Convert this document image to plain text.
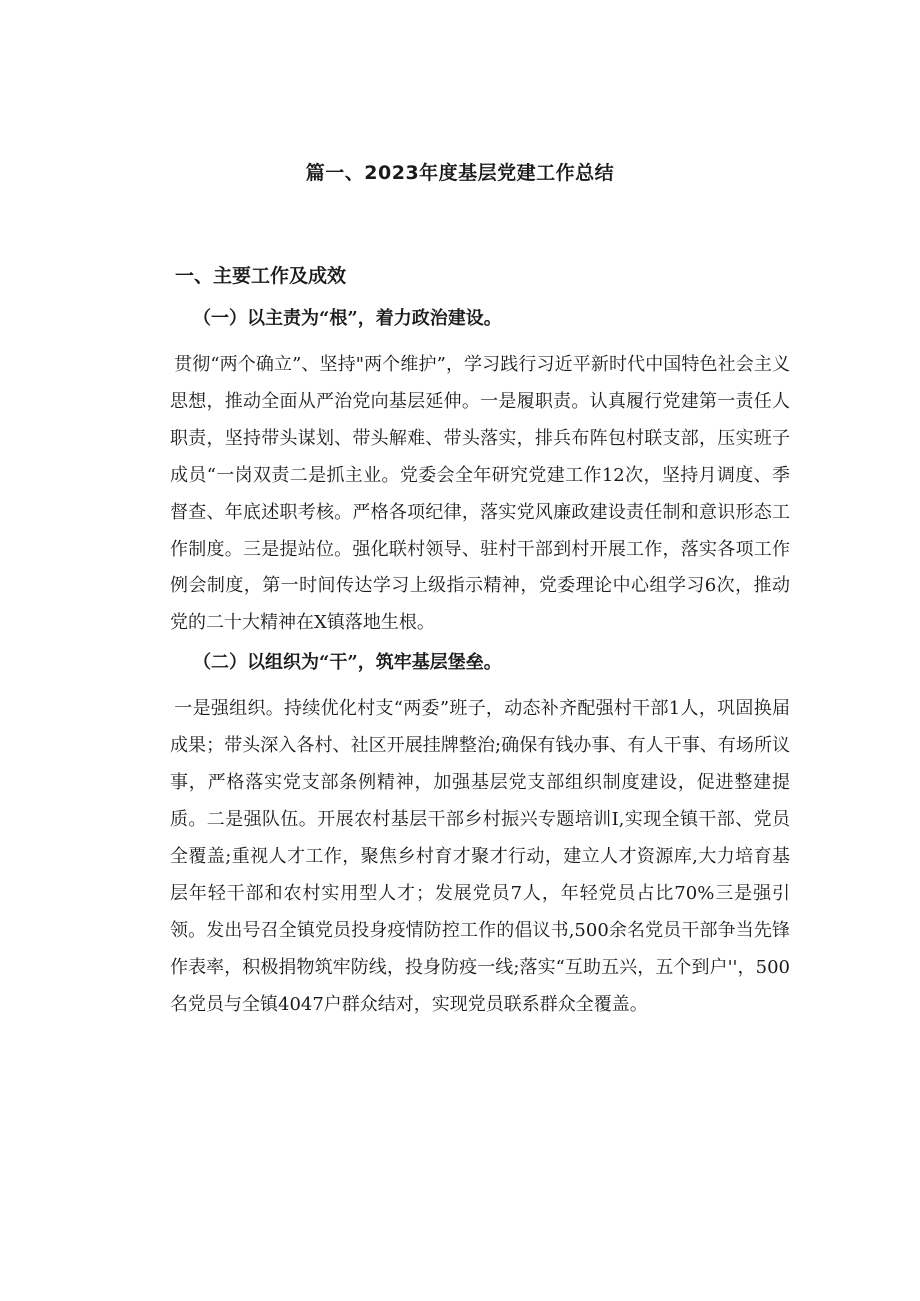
篇一、2023年度基层党建工作总结
一、主要工作及成效
（一）以主责为“根”，着力政治建设。

贯彻“两个确立”、坚持"两个维护”，学习践行习近平新时代中国特色社会主义思想，推动全面从严治党向基层延伸。一是履职责。认真履行党建第一责任人职责，坚持带头谋划、带头解难、带头落实，排兵布阵包村联支部，压实班子成员“一岗双责二是抓主业。党委会全年研究党建工作12次，坚持月调度、季督查、年底述职考核。严格各项纪律，落实党风廉政建设责任制和意识形态工作制度。三是提站位。强化联村领导、驻村干部到村开展工作，落实各项工作例会制度，第一时间传达学习上级指示精神，党委理论中心组学习6次，推动党的二十大精神在X镇落地生根。

（二）以组织为“干”，筑牢基层堡垒。

一是强组织。持续优化村支“两委”班子，动态补齐配强村干部1人，巩固换届成果；带头深入各村、社区开展挂牌整治;确保有钱办事、有人干事、有场所议事，严格落实党支部条例精神，加强基层党支部组织制度建设，促进整建提质。二是强队伍。开展农村基层干部乡村振兴专题培训I,实现全镇干部、党员全覆盖;重视人才工作，聚焦乡村育才聚才行动，建立人才资源库,大力培育基层年轻干部和农村实用型人才；发展党员7人，年轻党员占比70%三是强引领。发出号召全镇党员投身疫情防控工作的倡议书,500余名党员干部争当先锋作表率，积极捐物筑牢防线，投身防疫一线;落实“互助五兴，五个到户''，500名党员与全镇4047户群众结对，实现党员联系群众全覆盖。
